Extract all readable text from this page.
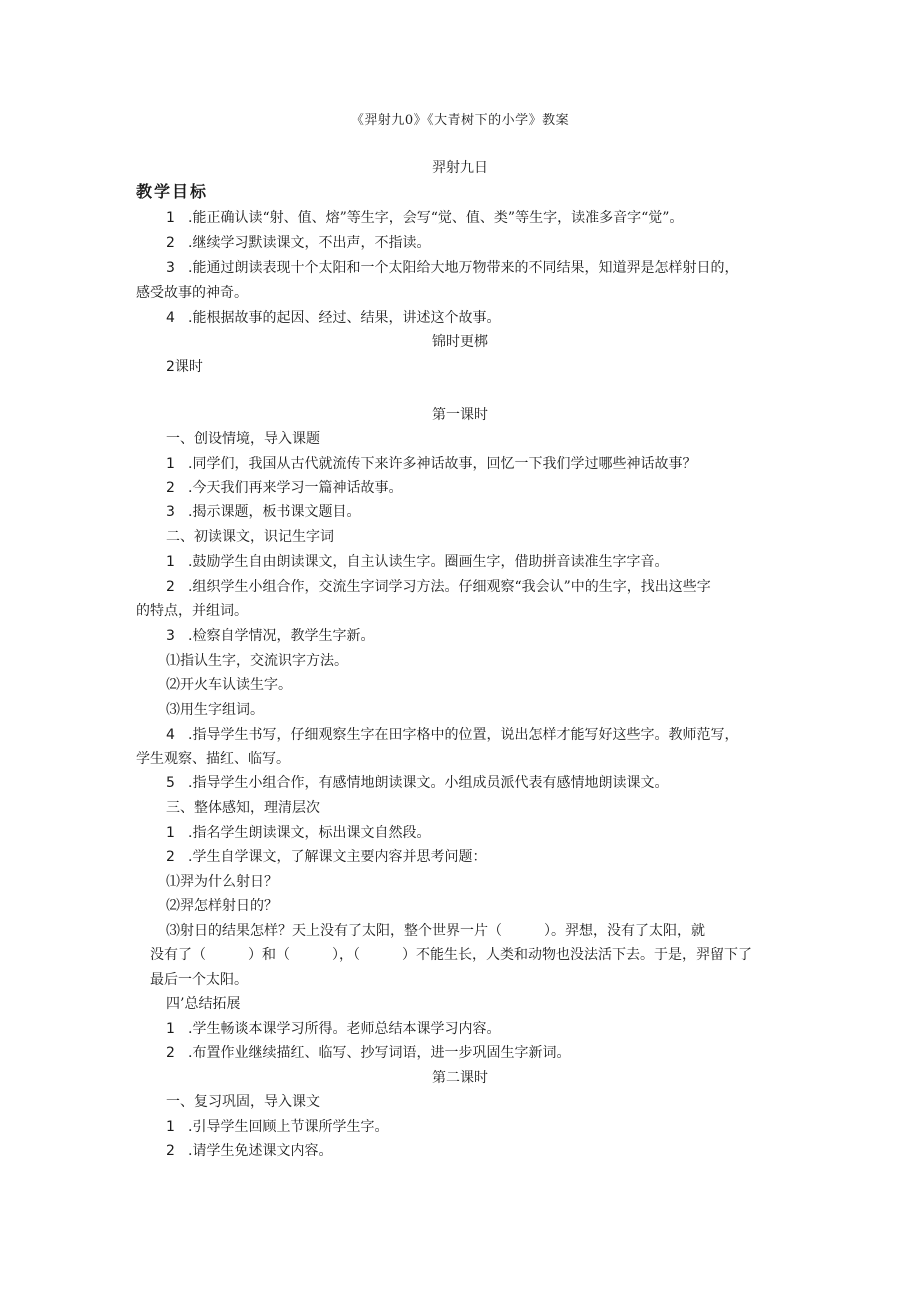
《羿射九0》《大青树下的小学》教案
羿射九日
教学目标
1 .能正确认读“射、值、熔”等生字，会写“觉、值、类”等生字，读准多音字“觉”。
2 .继续学习默读课文，不出声，不指读。
3 .能通过朗读表现十个太阳和一个太阳给大地万物带来的不同结果，知道羿是怎样射日的，
感受故事的神奇。
4 .能根据故事的起因、经过、结果，讲述这个故事。
锦时更梆
2课时
第一课时
一、创设情境，导入课题
1 .同学们，我国从古代就流传下来许多神话故事，回忆一下我们学过哪些神话故事？
2 .今天我们再来学习一篇神话故事。
3 .揭示课题，板书课文题目。
二、初读课文，识记生字词
1 .鼓励学生自由朗读课文，自主认读生字。圈画生字，借助拼音读准生字字音。
2 .组织学生小组合作，交流生字词学习方法。仔细观察“我会认”中的生字，找出这些字
的特点，并组词。
3 .检察自学情况，教学生字新。
⑴指认生字，交流识字方法。
⑵开火车认读生字。
⑶用生字组词。
4 .指导学生书写，仔细观察生字在田字格中的位置，说出怎样才能写好这些字。教师范写，
学生观察、描红、临写。
5 .指导学生小组合作，有感情地朗读课文。小组成员派代表有感情地朗读课文。
三、整体感知，理清层次
1 .指名学生朗读课文，标出课文自然段。
2 .学生自学课文，了解课文主要内容并思考问题：
⑴羿为什么射日？
⑵羿怎样射日的？
⑶射日的结果怎样？天上没有了太阳，整个世界一片（　　　）。羿想，没有了太阳，就
没有了（　　　）和（　　　），（　　　）不能生长，人类和动物也没法活下去。于是，羿留下了
最后一个太阳。
四’总结拓展
1 .学生畅谈本课学习所得。老师总结本课学习内容。
2 .布置作业继续描红、临写、抄写词语，进一步巩固生字新词。
第二课时
一、复习巩固，导入课文
1 .引导学生回顾上节课所学生字。
2 .请学生免述课文内容。
